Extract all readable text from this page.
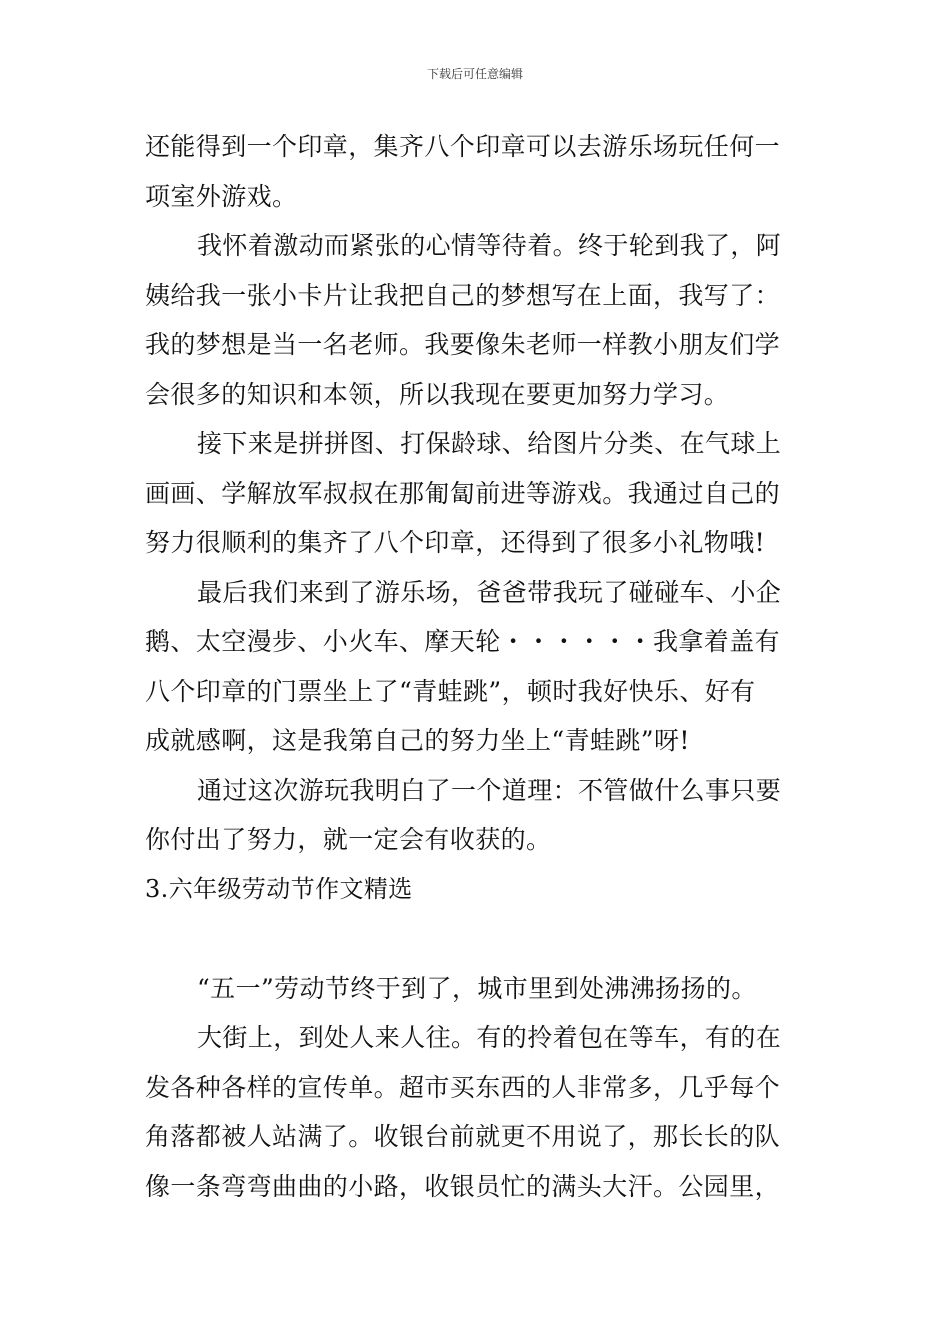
下载后可任意编辑
还能得到一个印章，集齐八个印章可以去游乐场玩任何一
项室外游戏。
我怀着激动而紧张的心情等待着。终于轮到我了，阿
姨给我一张小卡片让我把自己的梦想写在上面，我写了：
我的梦想是当一名老师。我要像朱老师一样教小朋友们学
会很多的知识和本领，所以我现在要更加努力学习。
接下来是拼拼图、打保龄球、给图片分类、在气球上
画画、学解放军叔叔在那匍匐前进等游戏。我通过自己的
努力很顺利的集齐了八个印章，还得到了很多小礼物哦!
最后我们来到了游乐场，爸爸带我玩了碰碰车、小企
鹅、太空漫步、小火车、摩天轮・・・・・・我拿着盖有
八个印章的门票坐上了“青蛙跳”，顿时我好快乐、好有
成就感啊，这是我第自己的努力坐上“青蛙跳”呀!
通过这次游玩我明白了一个道理：不管做什么事只要
你付出了努力，就一定会有收获的。
3.六年级劳动节作文精选
“五一”劳动节终于到了，城市里到处沸沸扬扬的。
大街上，到处人来人往。有的拎着包在等车，有的在
发各种各样的宣传单。超市买东西的人非常多，几乎每个
角落都被人站满了。收银台前就更不用说了，那长长的队
像一条弯弯曲曲的小路，收银员忙的满头大汗。公园里，
